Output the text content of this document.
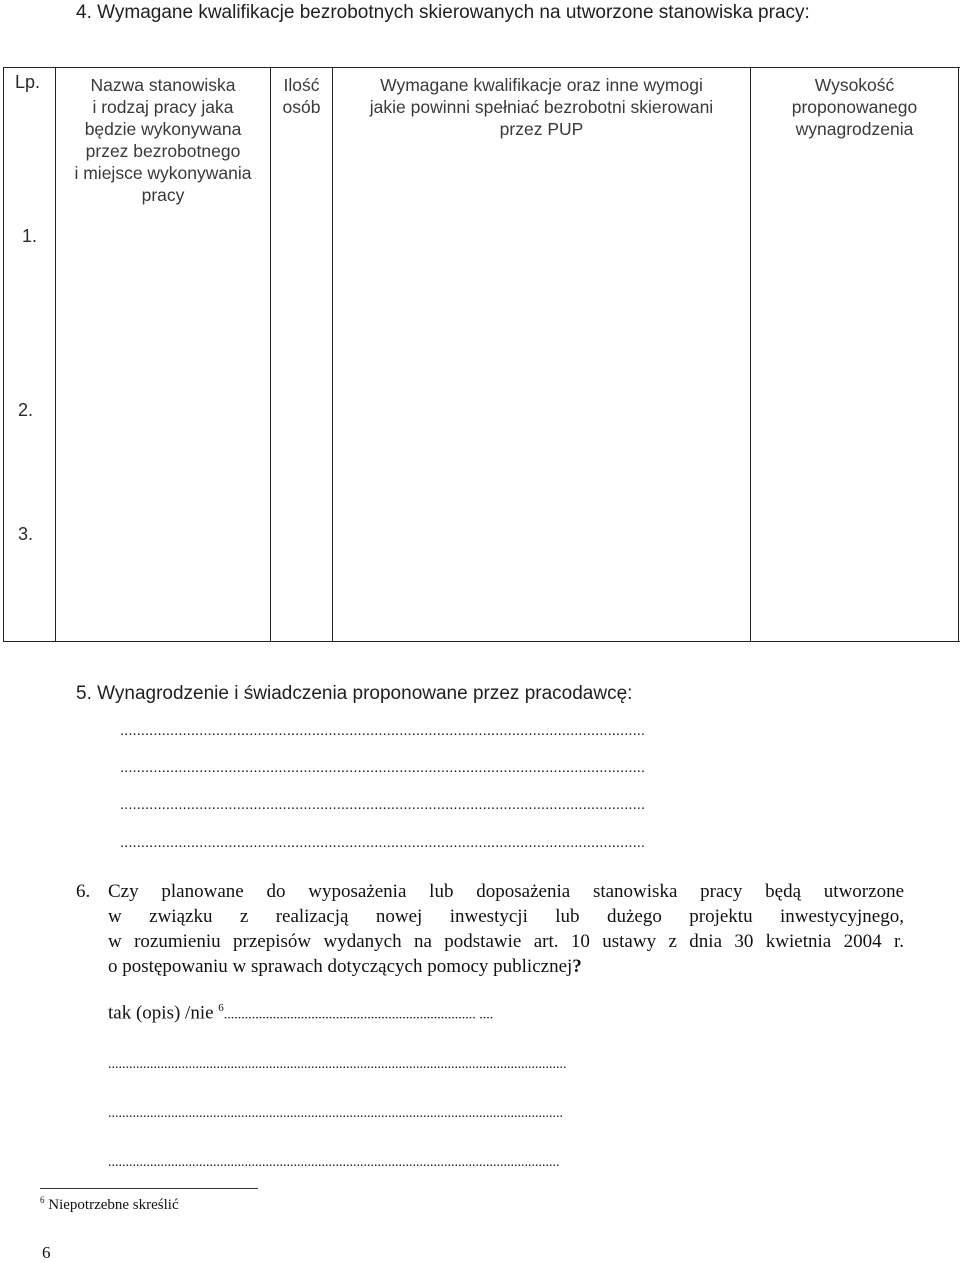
4. Wymagane kwalifikacje bezrobotnych skierowanych na utworzone stanowiska pracy:
Lp.	Nazwa stanowiska
i rodzaj pracy jaka
będzie wykonywana
przez bezrobotnego
i miejsce wykonywania
pracy
Ilość
osób
Wymagane kwalifikacje oraz inne wymogi
jakie powinni spełniać bezrobotni skierowani
przez PUP
Wysokość
proponowanego
wynagrodzenia
1.
2.
3.
5. Wynagrodzenie i świadczenia proponowane przez pracodawcę:
..............................................................................................................................
..............................................................................................................................
..............................................................................................................................
..............................................................................................................................

6. Czy planowane do wyposażenia lub doposażenia stanowiska pracy będą utworzone

w związku z realizacją nowej inwestycji lub dużego projektu inwestycyjnego,

w rozumieniu przepisów wydanych na podstawie art. 10 ustawy z dnia 30 kwietnia 2004 r.

o postępowaniu w sprawach dotyczących pomocy publicznej?

tak (opis) /nie $^6$........................................................................ ....
...................................................................................................................................
..................................................................................................................................
.................................................................................................................................
$^6$ Niepotrzebne skreślić
6
